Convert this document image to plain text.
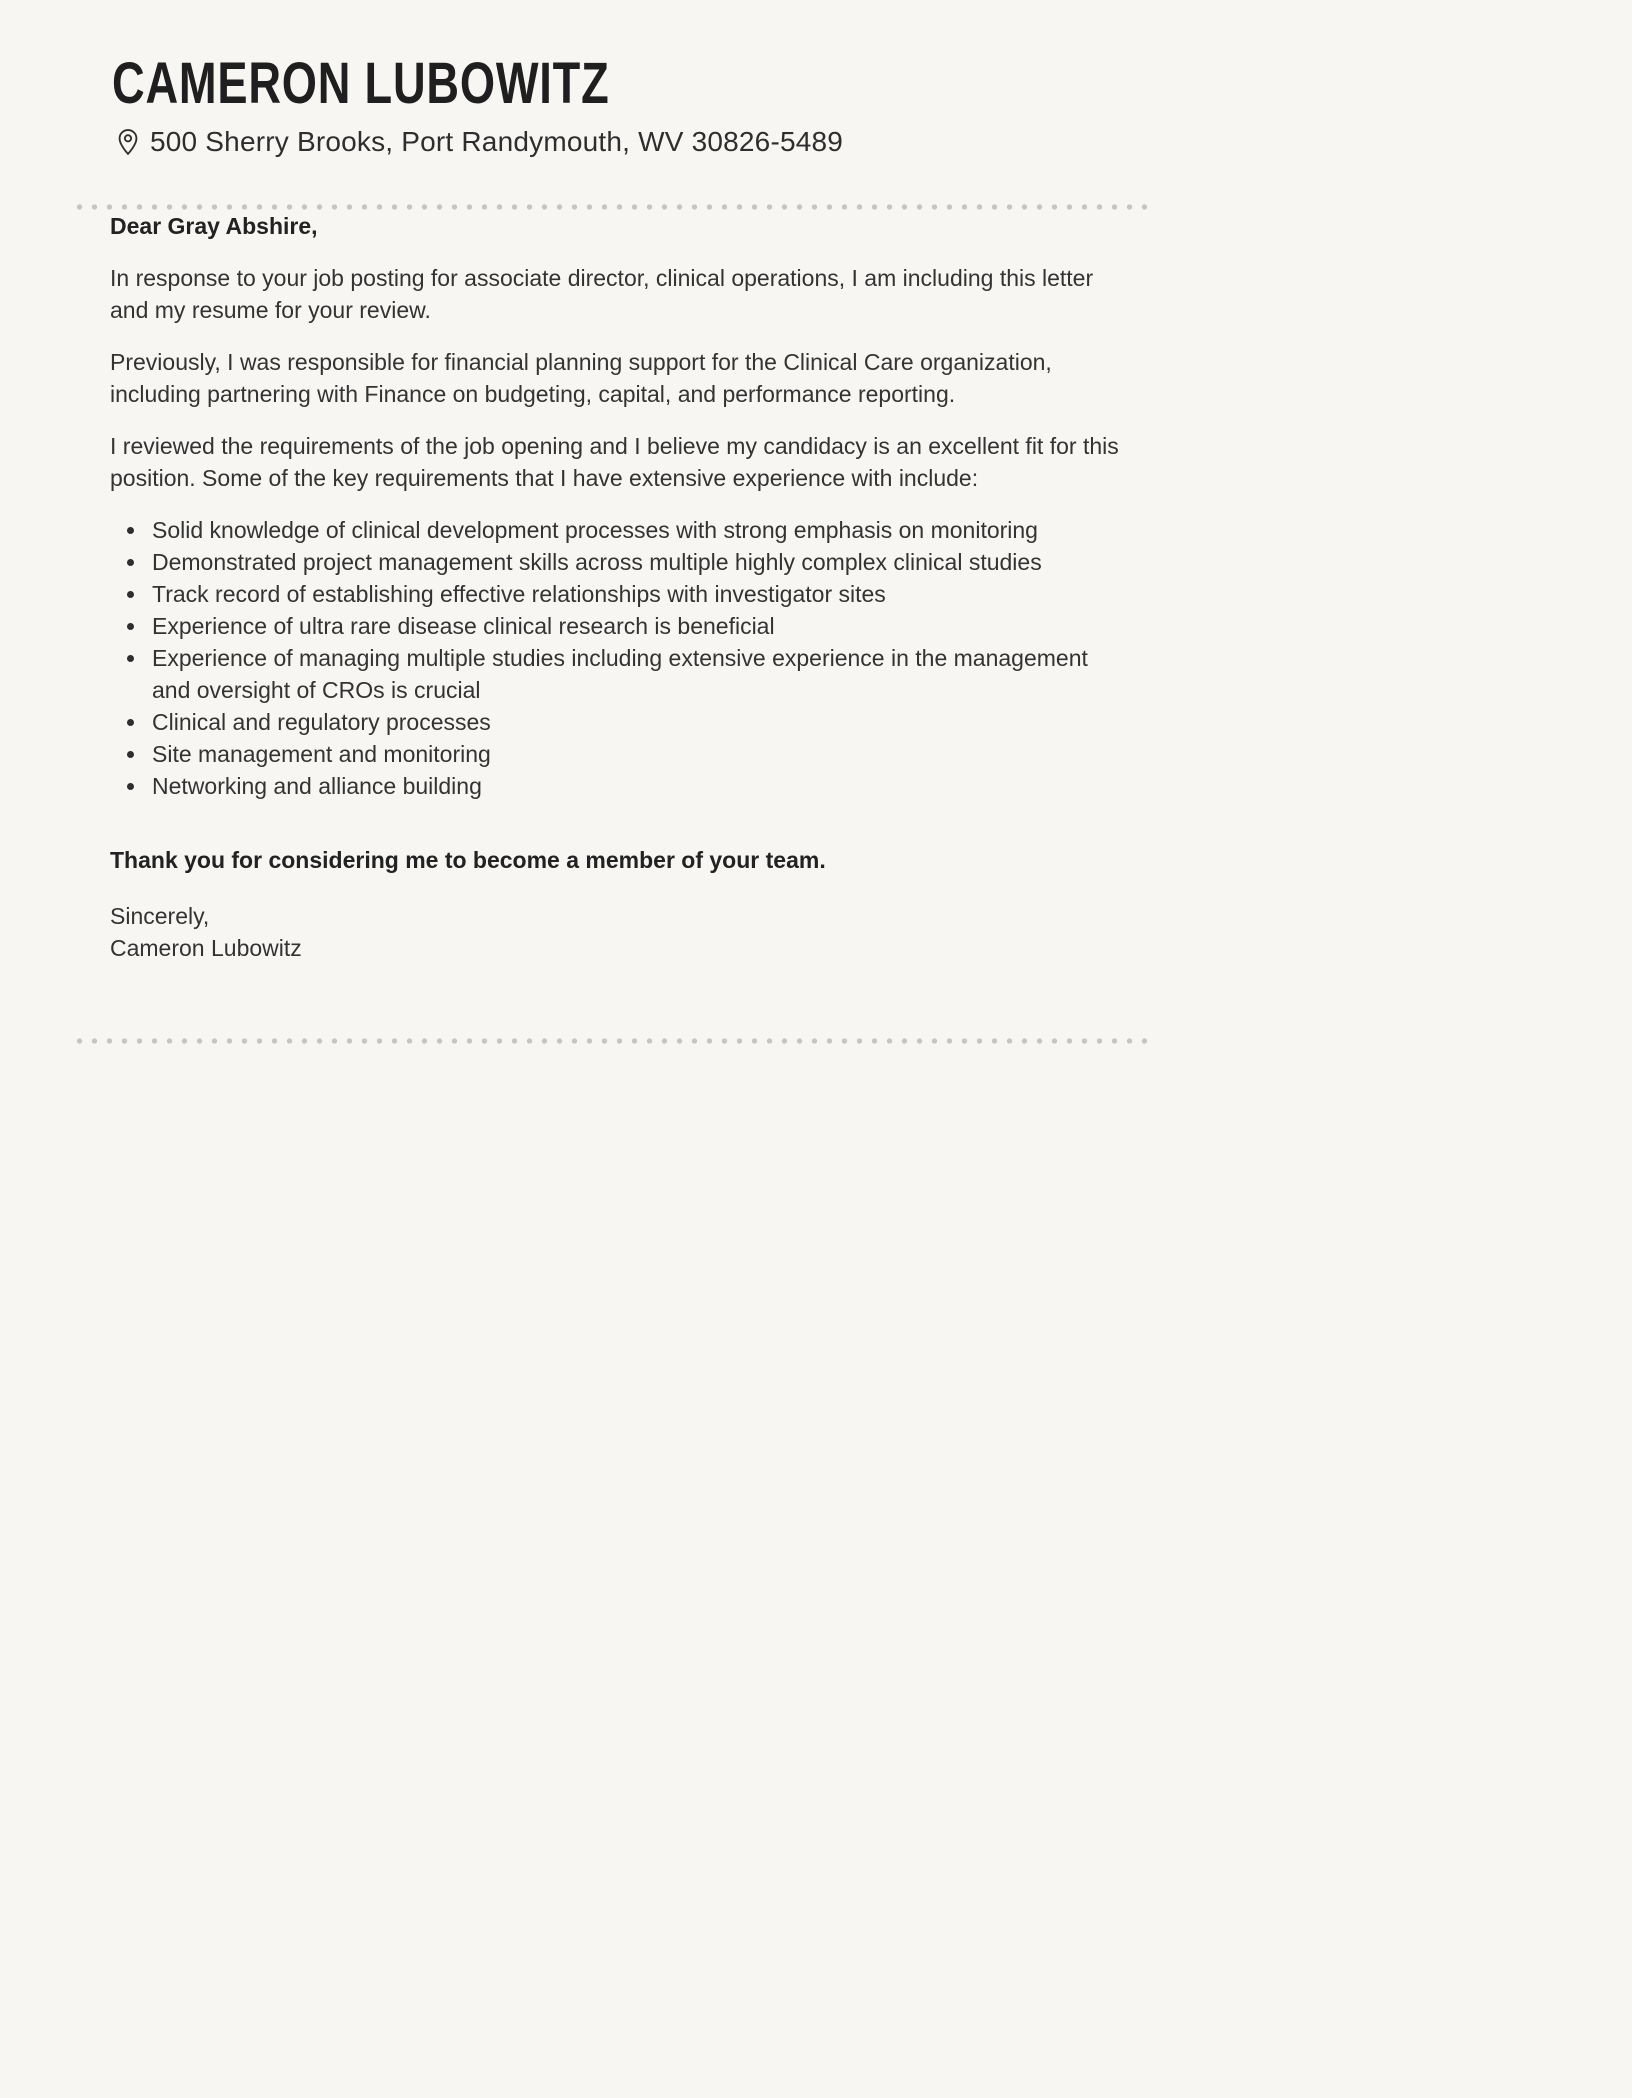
CAMERON LUBOWITZ
500 Sherry Brooks, Port Randymouth, WV 30826-5489

Dear Gray Abshire,

In response to your job posting for associate director, clinical operations, I am including this letter and my resume for your review.

Previously, I was responsible for financial planning support for the Clinical Care organization, including partnering with Finance on budgeting, capital, and performance reporting.

I reviewed the requirements of the job opening and I believe my candidacy is an excellent fit for this position. Some of the key requirements that I have extensive experience with include:

• Solid knowledge of clinical development processes with strong emphasis on monitoring
• Demonstrated project management skills across multiple highly complex clinical studies
• Track record of establishing effective relationships with investigator sites
• Experience of ultra rare disease clinical research is beneficial
• Experience of managing multiple studies including extensive experience in the management and oversight of CROs is crucial
• Clinical and regulatory processes
• Site management and monitoring
• Networking and alliance building

Thank you for considering me to become a member of your team.

Sincerely,

Cameron Lubowitz
